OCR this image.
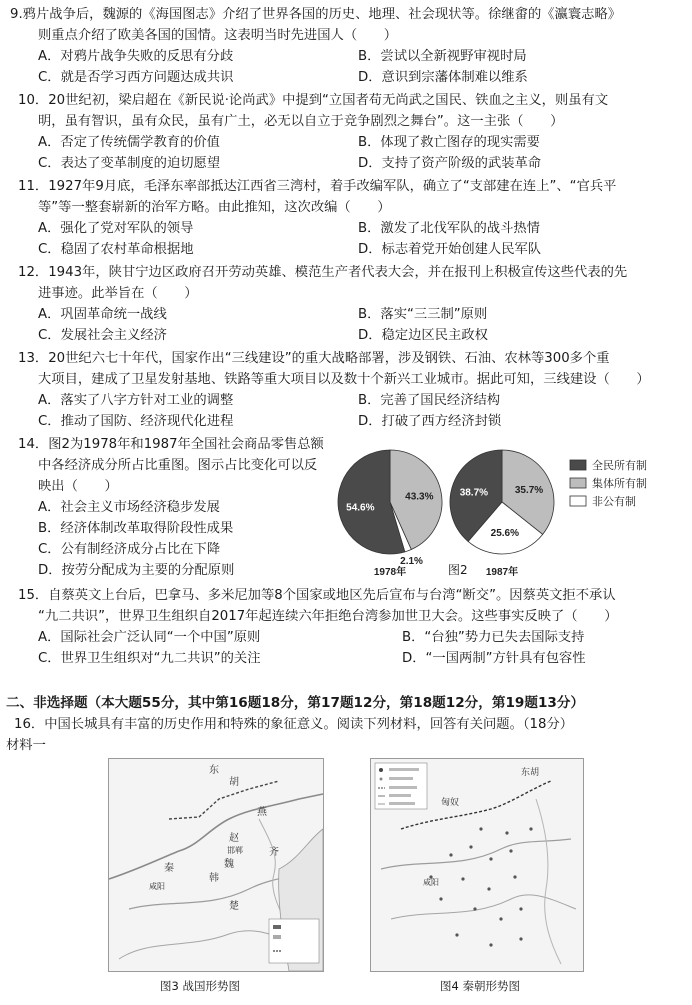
9.鸦片战争后，魏源的《海国图志》介绍了世界各国的历史、地理、社会现状等。徐继畬的《瀛寰志略》
则重点介绍了欧美各国的国情。这表明当时先进国人（　　）
A．对鸦片战争失败的反思有分歧	B．尝试以全新视野审视时局
C．就是否学习西方问题达成共识	D．意识到宗藩体制难以维系
10．20世纪初，梁启超在《新民说·论尚武》中提到“立国者苟无尚武之国民、铁血之主义，则虽有文
明，虽有智识，虽有众民，虽有广土，必无以自立于竞争剧烈之舞台”。这一主张（　　）
A．否定了传统儒学教育的价值	B．体现了救亡图存的现实需要
C．表达了变革制度的迫切愿望	D．支持了资产阶级的武装革命
11．1927年9月底，毛泽东率部抵达江西省三湾村，着手改编军队，确立了“支部建在连上”、“官兵平
等”等一整套崭新的治军方略。由此推知，这次改编（　　）
A．强化了党对军队的领导	B．激发了北伐军队的战斗热情
C．稳固了农村革命根据地	D．标志着党开始创建人民军队
12．1943年，陕甘宁边区政府召开劳动英雄、模范生产者代表大会，并在报刊上积极宣传这些代表的先
进事迹。此举旨在（　　）
A．巩固革命统一战线	B．落实“三三制”原则
C．发展社会主义经济	D．稳定边区民主政权
13．20世纪六七十年代，国家作出“三线建设”的重大战略部署，涉及钢铁、石油、农林等300多个重
大项目，建成了卫星发射基地、铁路等重大项目以及数十个新兴工业城市。据此可知，三线建设（　　）
A．落实了八字方针对工业的调整	B．完善了国民经济结构
C．推动了国防、经济现代化进程	D．打破了西方经济封锁
14．图2为1978年和1987年全国社会商品零售总额
中各经济成分所占比重图。图示占比变化可以反
映出（　　）
A．社会主义市场经济稳步发展
B．经济体制改革取得阶段性成果
C．公有制经济成分占比在下降
D．按劳分配成为主要的分配原则
43.3%
2.1%
54.6%
1978年
35.7%
25.6%
38.7%
1987年
全民所有制
集体所有制
非公有制
图2
15．自蔡英文上台后，巴拿马、多米尼加等8个国家或地区先后宣布与台湾“断交”。因蔡英文拒不承认
“九二共识”，世界卫生组织自2017年起连续六年拒绝台湾参加世卫大会。这些事实反映了（　　）
A．国际社会广泛认同“一个中国”原则	B．“台独”势力已失去国际支持
C．世界卫生组织对“九二共识”的关注	D．“一国两制”方针具有包容性
二、非选择题（本大题55分，其中第16题18分，第17题12分，第18题12分，第19题13分）
16．中国长城具有丰富的历史作用和特殊的象征意义。阅读下列材料，回答有关问题。（18分）
材料一
东
胡
燕
赵
齐
魏
韩
楚
秦
咸阳
邯郸
图3 战国形势图
东胡
匈奴
咸阳
图4 秦朝形势图
